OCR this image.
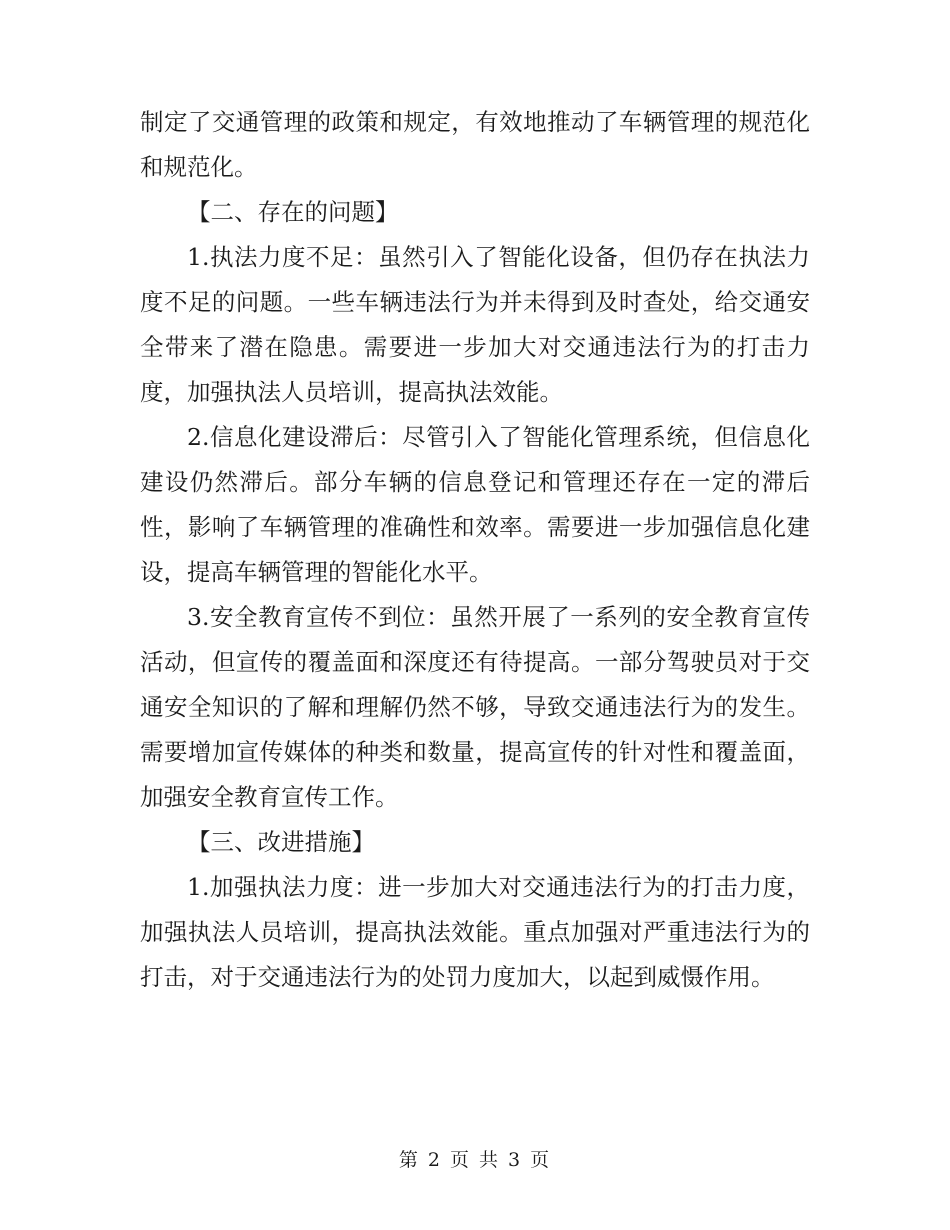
制定了交通管理的政策和规定，有效地推动了车辆管理的规范化和规范化。

【二、存在的问题】

1.执法力度不足：虽然引入了智能化设备，但仍存在执法力度不足的问题。一些车辆违法行为并未得到及时查处，给交通安全带来了潜在隐患。需要进一步加大对交通违法行为的打击力度，加强执法人员培训，提高执法效能。

2.信息化建设滞后：尽管引入了智能化管理系统，但信息化建设仍然滞后。部分车辆的信息登记和管理还存在一定的滞后性，影响了车辆管理的准确性和效率。需要进一步加强信息化建设，提高车辆管理的智能化水平。

3.安全教育宣传不到位：虽然开展了一系列的安全教育宣传活动，但宣传的覆盖面和深度还有待提高。一部分驾驶员对于交通安全知识的了解和理解仍然不够，导致交通违法行为的发生。需要增加宣传媒体的种类和数量，提高宣传的针对性和覆盖面，加强安全教育宣传工作。

【三、改进措施】

1.加强执法力度：进一步加大对交通违法行为的打击力度，加强执法人员培训，提高执法效能。重点加强对严重违法行为的打击，对于交通违法行为的处罚力度加大，以起到威慑作用。

第 2 页 共 3 页
